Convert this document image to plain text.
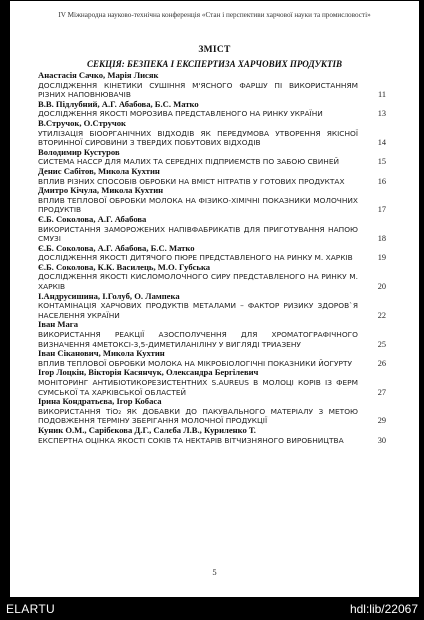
IV Міжнародна науково-технічна конференція «Стан і перспективи харчової науки та промисловості»
ЗМІСТ
СЕКЦІЯ: БЕЗПЕКА І ЕКСПЕРТИЗА ХАРЧОВИХ ПРОДУКТІВ
Анастасія Сачко, Марія Лисяк
ДОСЛІДЖЕННЯ КІНЕТИКИ СУШІННЯ М'ЯСНОГО ФАРШУ ПІ ВИКОРИСТАННЯМ РІЗНИХ НАПОВНЮВАЧІВ	11
В.В. Підлубний, А.Г. Абабова, Б.С. Матко
ДОСЛІДЖЕННЯ ЯКОСТІ МОРОЗИВА ПРЕДСТАВЛЕНОГО НА РИНКУ УКРАЇНИ	13
В.Стручок, О.Стручок
УТИЛІЗАЦІЯ БІООРГАНІЧНИХ ВІДХОДІВ ЯК ПЕРЕДУМОВА УТВОРЕННЯ ЯКІСНОЇ ВТОРИННОЇ СИРОВИНИ З ТВЕРДИХ ПОБУТОВИХ ВІДХОДІВ	14
Володимир Кустуров
СИСТЕМА НАССР ДЛЯ МАЛИХ ТА СЕРЕДНІХ ПІДПРИЄМСТВ ПО ЗАБОЮ СВИНЕЙ	15
Денис Сабітов, Микола Кухтин
ВПЛИВ РІЗНИХ СПОСОБІВ ОБРОБКИ НА ВМІСТ НІТРАТІВ У ГОТОВИХ ПРОДУКТАХ	16
Дмитро Кічула, Микола Кухтин
ВПЛИВ ТЕПЛОВОЇ ОБРОБКИ МОЛОКА НА ФІЗИКО-ХІМІЧНІ ПОКАЗНИКИ МОЛОЧНИХ ПРОДУКТІВ	17
Є.Б. Соколова, А.Г. Абабова
ВИКОРИСТАННЯ ЗАМОРОЖЕНИХ НАПІВФАБРИКАТІВ ДЛЯ ПРИГОТУВАННЯ НАПОЮ СМУЗІ	18
Є.Б. Соколова, А.Г. Абабова, Б.С. Матко
ДОСЛІДЖЕННЯ ЯКОСТІ ДИТЯЧОГО ПЮРЕ ПРЕДСТАВЛЕНОГО НА РИНКУ М. ХАРКІВ	19
Є.Б. Соколова, К.К. Василець, М.О. Губська
ДОСЛІДЖЕННЯ ЯКОСТІ КИСЛОМОЛОЧНОГО СИРУ ПРЕДСТАВЛЕНОГО НА РИНКУ М. ХАРКІВ	20
І.Андрусишина, І.Голуб, О. Лампека
КОНТАМІНАЦІЯ ХАРЧОВИХ ПРОДУКТІВ МЕТАЛАМИ – ФАКТОР РИЗИКУ ЗДОРОВ`Я НАСЕЛЕННЯ УКРАЇНИ	22
Іван Мага
ВИКОРИСТАННЯ РЕАКЦІЇ АЗОСПОЛУЧЕННЯ ДЛЯ ХРОМАТОГРАФІЧНОГО ВИЗНАЧЕННЯ 4МЕТОКСІ-3,5-ДИМЕТИЛАНІЛІНУ У ВИГЛЯДІ ТРИАЗЕНУ	25
Іван Сіканович, Микола Кухтин
ВПЛИВ ТЕПЛОВОЇ ОБРОБКИ МОЛОКА НА МІКРОБІОЛОГІЧНІ ПОКАЗНИКИ ЙОГУРТУ	26
Ігор Лоцкін, Вікторія Касянчук, Олександра Бергілевич
МОНІТОРИНГ АНТИБІОТИКОРЕЗИСТЕНТНИХ S.AUREUS В МОЛОЦІ КОРІВ ІЗ ФЕРМ СУМСЬКОЇ ТА ХАРКІВСЬКОЇ ОБЛАСТЕЙ	27
Ірина Кондратьєва, Ігор Кобаса
ВИКОРИСТАННЯ TiO₂ ЯК ДОБАВКИ ДО ПАКУВАЛЬНОГО МАТЕРІАЛУ З МЕТОЮ ПОДОВЖЕННЯ ТЕРМІНУ ЗБЕРІГАННЯ МОЛОЧНОЇ ПРОДУКЦІЇ	29
Куник О.М., Сарібєкова Д.Г., Салєба Л.В., Куриленко Т.
ЕКСПЕРТНА ОЦІНКА ЯКОСТІ СОКІВ ТА НЕКТАРІВ ВІТЧИЗНЯНОГО ВИРОБНИЦТВА	30
5
ELARTU	hdl:lib/22067
